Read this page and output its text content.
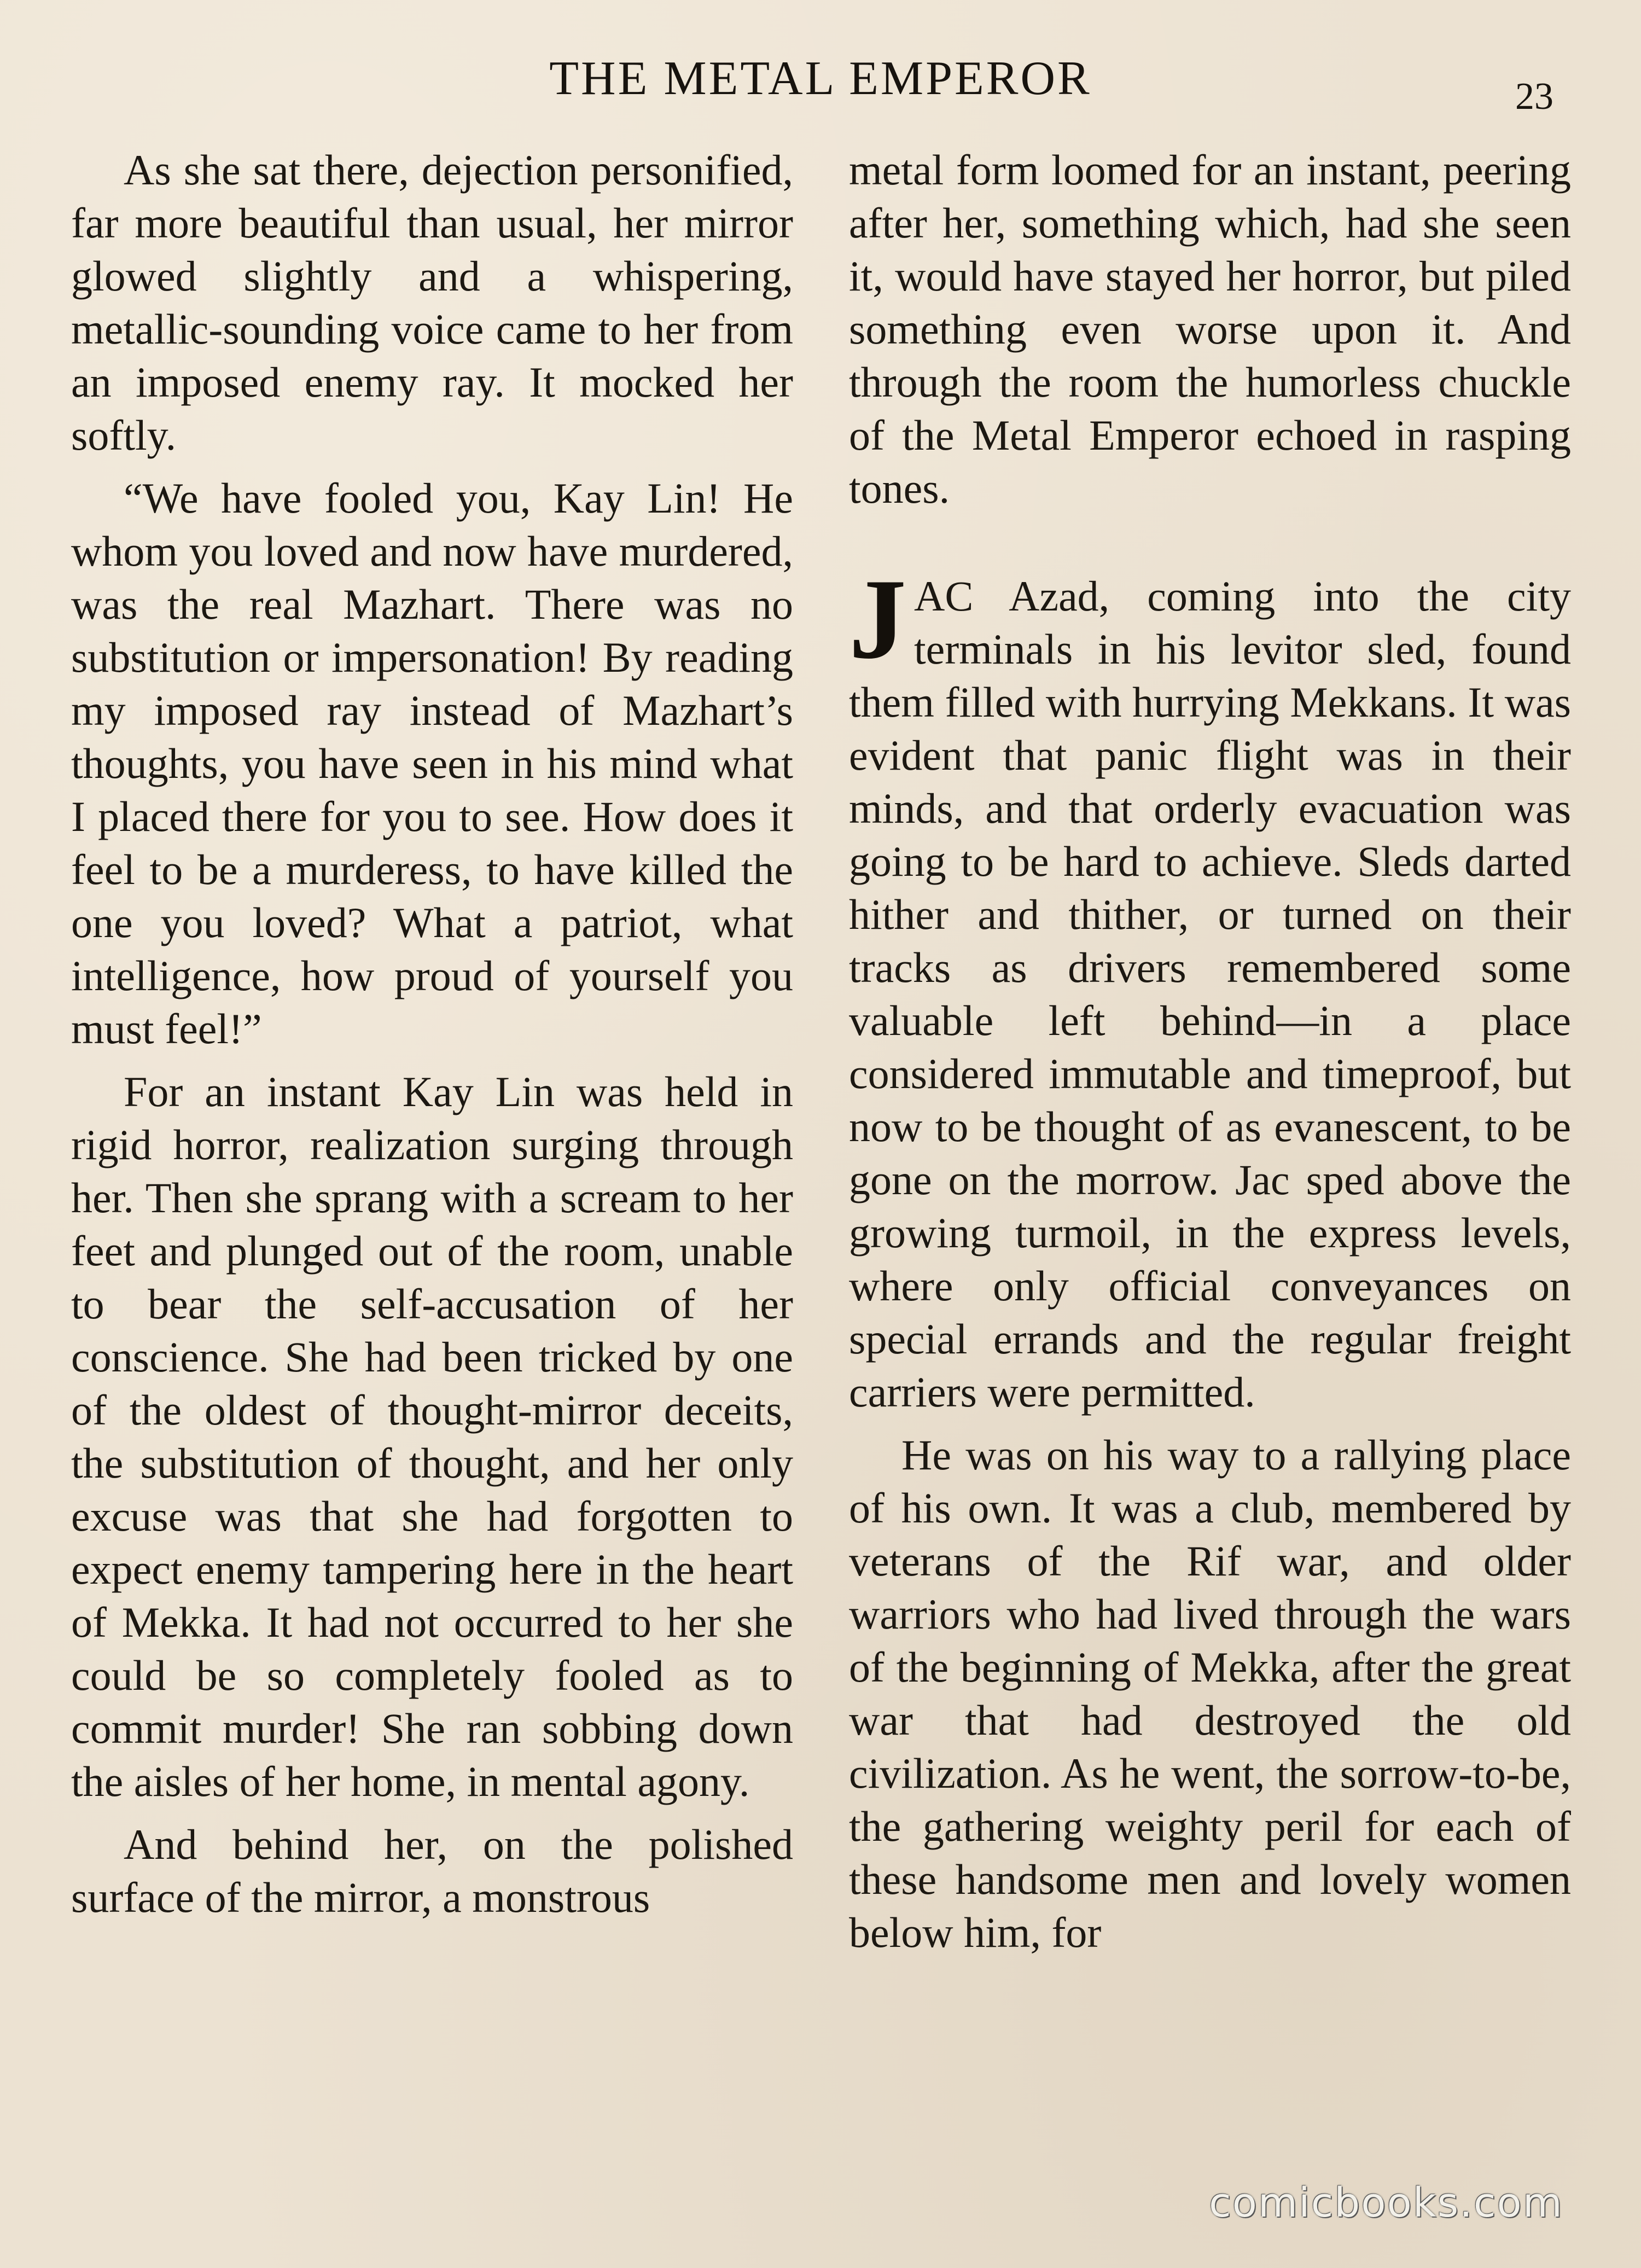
THE METAL EMPEROR	23

As she sat there, dejection personified, far more beautiful than usual, her mirror glowed slightly and a whispering, metallic-sounding voice came to her from an imposed enemy ray. It mocked her softly.

“We have fooled you, Kay Lin! He whom you loved and now have murdered, was the real Mazhart. There was no substitution or impersonation! By reading my imposed ray instead of Mazhart’s thoughts, you have seen in his mind what I placed there for you to see. How does it feel to be a murderess, to have killed the one you loved? What a patriot, what intelligence, how proud of yourself you must feel!”

For an instant Kay Lin was held in rigid horror, realization surging through her. Then she sprang with a scream to her feet and plunged out of the room, unable to bear the self-accusation of her conscience. She had been tricked by one of the oldest of thought-mirror deceits, the substitution of thought, and her only excuse was that she had forgotten to expect enemy tampering here in the heart of Mekka. It had not occurred to her she could be so completely fooled as to commit murder! She ran sobbing down the aisles of her home, in mental agony.

And behind her, on the polished surface of the mirror, a monstrous

metal form loomed for an instant, peering after her, something which, had she seen it, would have stayed her horror, but piled something even worse upon it. And through the room the humorless chuckle of the Metal Emperor echoed in rasping tones.

JAC Azad, coming into the city terminals in his levitor sled, found them filled with hurrying Mekkans. It was evident that panic flight was in their minds, and that orderly evacuation was going to be hard to achieve. Sleds darted hither and thither, or turned on their tracks as drivers remembered some valuable left behind—in a place considered immutable and timeproof, but now to be thought of as evanescent, to be gone on the morrow. Jac sped above the growing turmoil, in the express levels, where only official conveyances on special errands and the regular freight carriers were permitted.

He was on his way to a rallying place of his own. It was a club, membered by veterans of the Rif war, and older warriors who had lived through the wars of the beginning of Mekka, after the great war that had destroyed the old civilization. As he went, the sorrow-to-be, the gathering weighty peril for each of these handsome men and lovely women below him, for

comicbooks.com
